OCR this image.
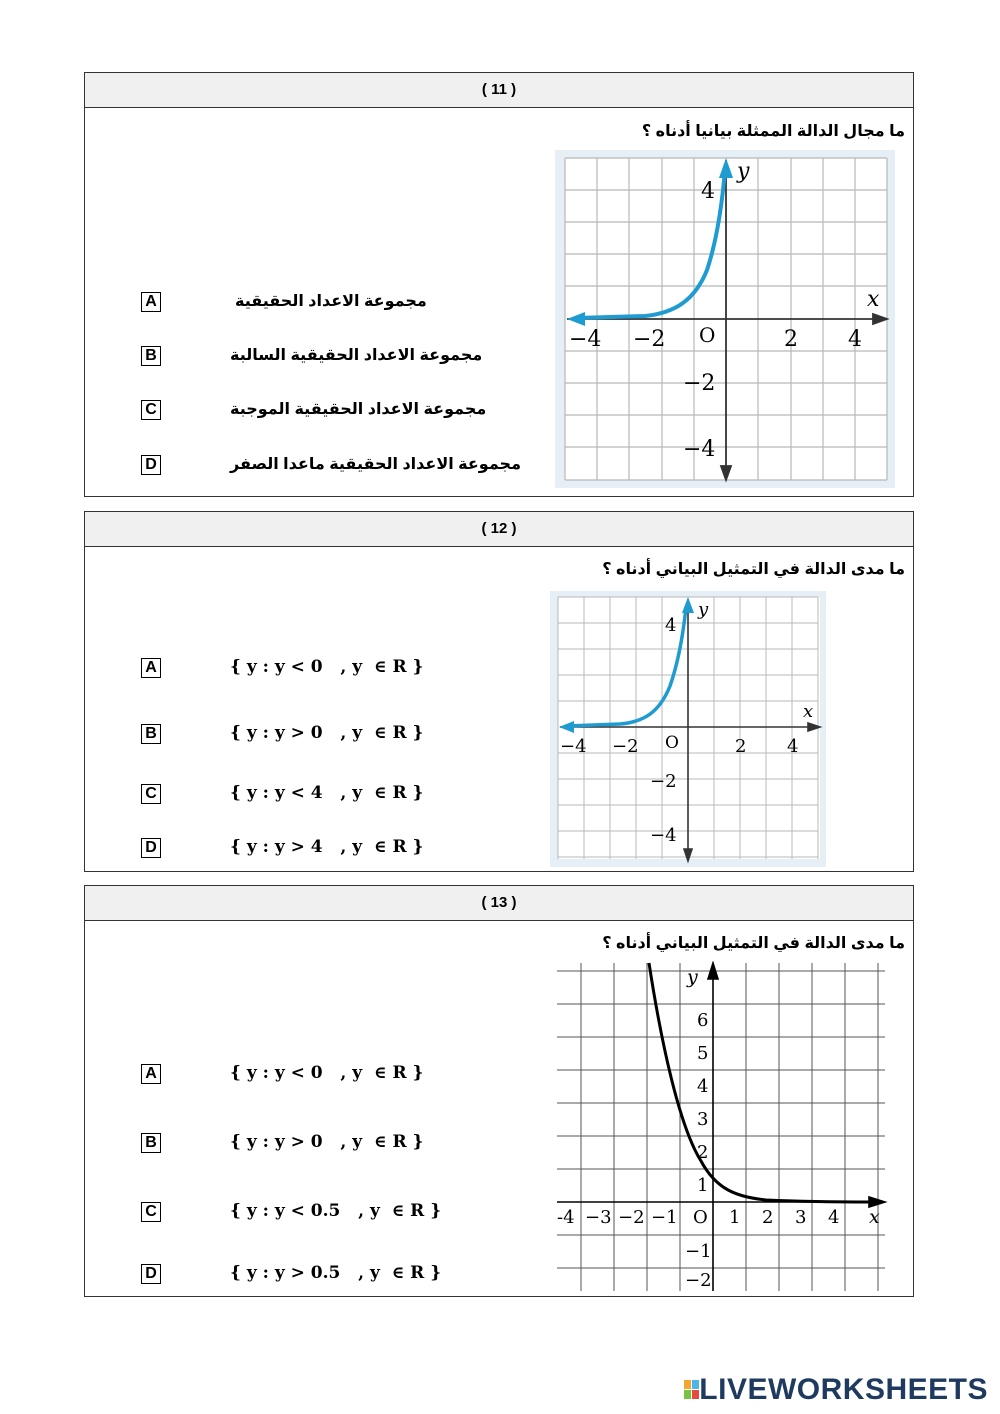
( 11 )
ما مجال الدالة الممثلة بيانيا أدناه ؟
A	مجموعة الاعداد الحقيقية
B	مجموعة الاعداد الحقيقية السالبة
C	مجموعة الاعداد الحقيقية الموجبة
D	مجموعة الاعداد الحقيقية ماعدا الصفر
x
y
O
−4 −2	2 4
4
−2
−4
( 12 )
ما مدى الدالة في التمثيل البياني أدناه ؟
A	{ y : y < 0   , y  ∈ R }
B	{ y : y > 0   , y  ∈ R }
C	{ y : y < 4   , y  ∈ R }
D	{ y : y > 4   , y  ∈ R }
x
y
O
−4 −2	2 4
4
−2
−4
( 13 )
ما مدى الدالة في التمثيل البياني أدناه ؟
A	{ y : y < 0   , y  ∈ R }
B	{ y : y > 0   , y  ∈ R }
C	{ y : y < 0.5   , y  ∈ R }
D	{ y : y > 0.5   , y  ∈ R }
x
y
O
-4 −3 −2 −1	1 2 3 4
6
5
4
3
2
1
−1
−2
LIVEWORKSHEETS
